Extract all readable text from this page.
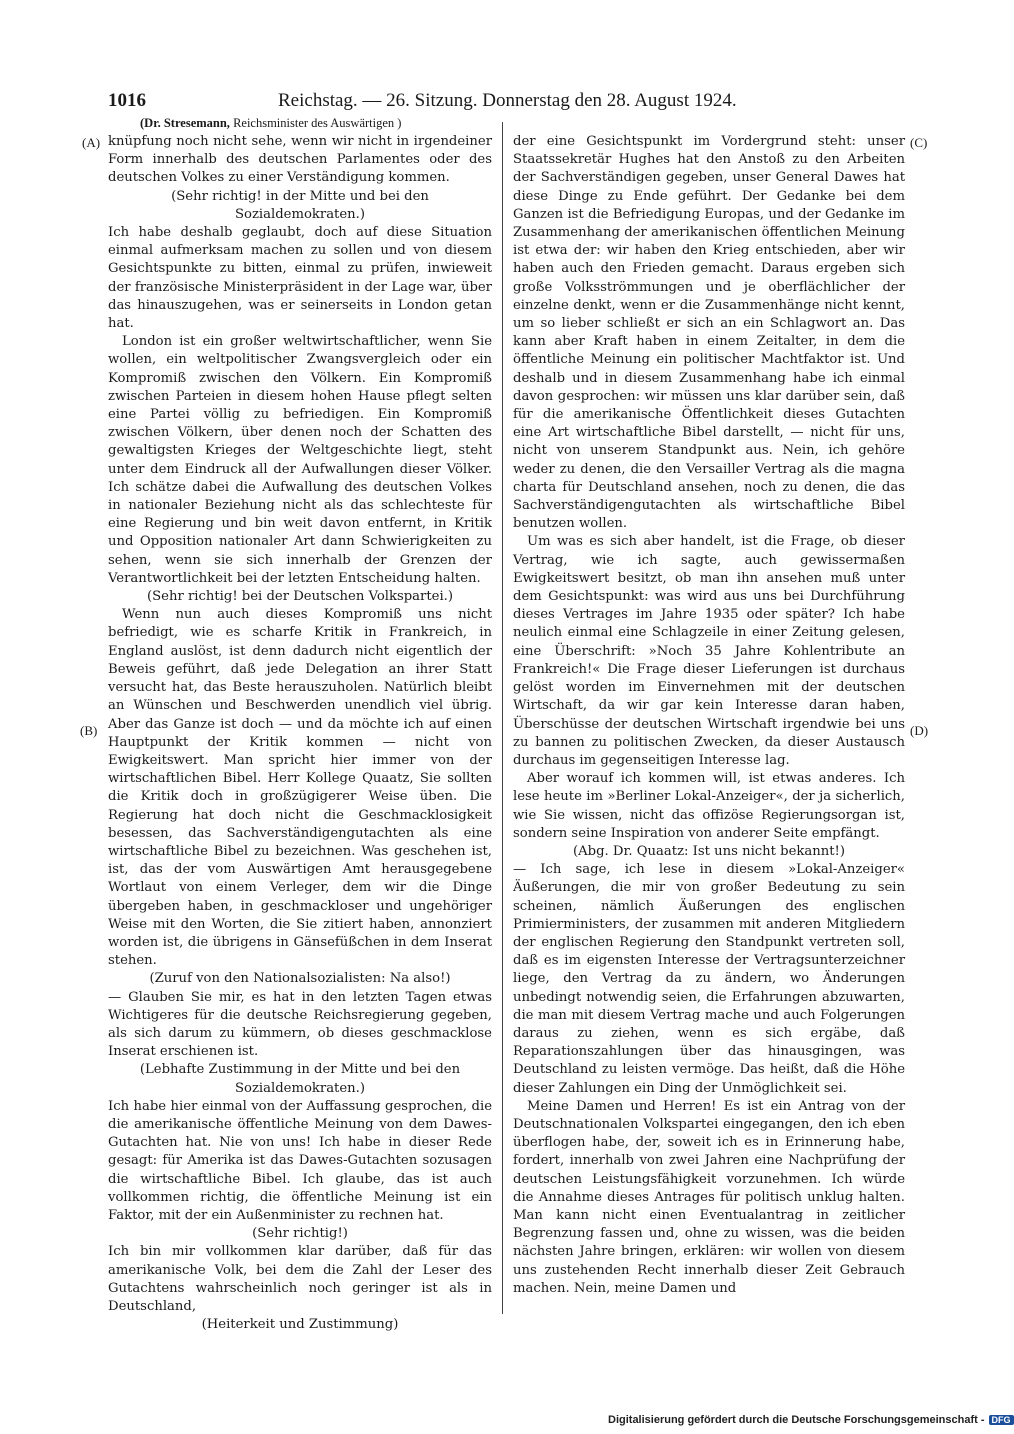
1016	Reichstag. — 26. Sitzung. Donnerstag den 28. August 1924.
(Dr. Stresemann, Reichsminister des Auswärtigen )
(A)
(B)
(C)
(D)

knüpfung noch nicht sehe, wenn wir nicht in irgendeiner Form innerhalb des deutschen Parlamentes oder des deutschen Volkes zu einer Verständigung kommen.

(Sehr richtig! in der Mitte und bei den Sozialdemokraten.)

Ich habe deshalb geglaubt, doch auf diese Situation einmal aufmerksam machen zu sollen und von diesem Gesichtspunkte zu bitten, einmal zu prüfen, inwieweit der französische Ministerpräsident in der Lage war, über das hinauszugehen, was er seinerseits in London getan hat.

London ist ein großer weltwirtschaftlicher, wenn Sie wollen, ein weltpolitischer Zwangsvergleich oder ein Kompromiß zwischen den Völkern. Ein Kompromiß zwischen Parteien in diesem hohen Hause pflegt selten eine Partei völlig zu befriedigen. Ein Kompromiß zwischen Völkern, über denen noch der Schatten des gewaltigsten Krieges der Weltgeschichte liegt, steht unter dem Eindruck all der Aufwallungen dieser Völker. Ich schätze dabei die Aufwallung des deutschen Volkes in nationaler Beziehung nicht als das schlechteste für eine Regierung und bin weit davon entfernt, in Kritik und Opposition nationaler Art dann Schwierigkeiten zu sehen, wenn sie sich innerhalb der Grenzen der Verantwortlichkeit bei der letzten Entscheidung halten.

(Sehr richtig! bei der Deutschen Volkspartei.)

Wenn nun auch dieses Kompromiß uns nicht befriedigt, wie es scharfe Kritik in Frankreich, in England auslöst, ist denn dadurch nicht eigentlich der Beweis geführt, daß jede Delegation an ihrer Statt versucht hat, das Beste herauszuholen. Natürlich bleibt an Wünschen und Beschwerden unendlich viel übrig. Aber das Ganze ist doch — und da möchte ich auf einen Hauptpunkt der Kritik kommen — nicht von Ewigkeitswert. Man spricht hier immer von der wirtschaftlichen Bibel. Herr Kollege Quaatz, Sie sollten die Kritik doch in großzügigerer Weise üben. Die Regierung hat doch nicht die Geschmacklosigkeit besessen, das Sachverständigengutachten als eine wirtschaftliche Bibel zu bezeichnen. Was geschehen ist, ist, das der vom Auswärtigen Amt herausgegebene Wortlaut von einem Verleger, dem wir die Dinge übergeben haben, in geschmackloser und ungehöriger Weise mit den Worten, die Sie zitiert haben, annonziert worden ist, die übrigens in Gänsefüßchen in dem Inserat stehen.

(Zuruf von den Nationalsozialisten: Na also!)

— Glauben Sie mir, es hat in den letzten Tagen etwas Wichtigeres für die deutsche Reichsregierung gegeben, als sich darum zu kümmern, ob dieses geschmacklose Inserat erschienen ist.

(Lebhafte Zustimmung in der Mitte und bei den Sozialdemokraten.)

Ich habe hier einmal von der Auffassung gesprochen, die die amerikanische öffentliche Meinung von dem Dawes-Gutachten hat. Nie von uns! Ich habe in dieser Rede gesagt: für Amerika ist das Dawes-Gutachten sozusagen die wirtschaftliche Bibel. Ich glaube, das ist auch vollkommen richtig, die öffentliche Meinung ist ein Faktor, mit der ein Außenminister zu rechnen hat.

(Sehr richtig!)

Ich bin mir vollkommen klar darüber, daß für das amerikanische Volk, bei dem die Zahl der Leser des Gutachtens wahrscheinlich noch geringer ist als in Deutschland,

(Heiterkeit und Zustimmung)

der eine Gesichtspunkt im Vordergrund steht: unser Staatssekretär Hughes hat den Anstoß zu den Arbeiten der Sachverständigen gegeben, unser General Dawes hat diese Dinge zu Ende geführt. Der Gedanke bei dem Ganzen ist die Befriedigung Europas, und der Gedanke im Zusammenhang der amerikanischen öffentlichen Meinung ist etwa der: wir haben den Krieg entschieden, aber wir haben auch den Frieden gemacht. Daraus ergeben sich große Volksströmmungen und je oberflächlicher der einzelne denkt, wenn er die Zusammenhänge nicht kennt, um so lieber schließt er sich an ein Schlagwort an. Das kann aber Kraft haben in einem Zeitalter, in dem die öffentliche Meinung ein politischer Machtfaktor ist. Und deshalb und in diesem Zusammenhang habe ich einmal davon gesprochen: wir müssen uns klar darüber sein, daß für die amerikanische Öffentlichkeit dieses Gutachten eine Art wirtschaftliche Bibel darstellt, — nicht für uns, nicht von unserem Standpunkt aus. Nein, ich gehöre weder zu denen, die den Versailler Vertrag als die magna charta für Deutschland ansehen, noch zu denen, die das Sachverständigengutachten als wirtschaftliche Bibel benutzen wollen.

Um was es sich aber handelt, ist die Frage, ob dieser Vertrag, wie ich sagte, auch gewissermaßen Ewigkeitswert besitzt, ob man ihn ansehen muß unter dem Gesichtspunkt: was wird aus uns bei Durchführung dieses Vertrages im Jahre 1935 oder später? Ich habe neulich einmal eine Schlagzeile in einer Zeitung gelesen, eine Überschrift: »Noch 35 Jahre Kohlentribute an Frankreich!« Die Frage dieser Lieferungen ist durchaus gelöst worden im Einvernehmen mit der deutschen Wirtschaft, da wir gar kein Interesse daran haben, Überschüsse der deutschen Wirtschaft irgendwie bei uns zu bannen zu politischen Zwecken, da dieser Austausch durchaus im gegenseitigen Interesse lag.

Aber worauf ich kommen will, ist etwas anderes. Ich lese heute im »Berliner Lokal-Anzeiger«, der ja sicherlich, wie Sie wissen, nicht das offizöse Regierungsorgan ist, sondern seine Inspiration von anderer Seite empfängt.

(Abg. Dr. Quaatz: Ist uns nicht bekannt!)

— Ich sage, ich lese in diesem »Lokal-Anzeiger« Äußerungen, die mir von großer Bedeutung zu sein scheinen, nämlich Äußerungen des englischen Primierministers, der zusammen mit anderen Mitgliedern der englischen Regierung den Standpunkt vertreten soll, daß es im eigensten Interesse der Vertragsunterzeichner liege, den Vertrag da zu ändern, wo Änderungen unbedingt notwendig seien, die Erfahrungen abzuwarten, die man mit diesem Vertrag mache und auch Folgerungen daraus zu ziehen, wenn es sich ergäbe, daß Reparationszahlungen über das hinausgingen, was Deutschland zu leisten vermöge. Das heißt, daß die Höhe dieser Zahlungen ein Ding der Unmöglichkeit sei.

Meine Damen und Herren! Es ist ein Antrag von der Deutschnationalen Volkspartei eingegangen, den ich eben überflogen habe, der, soweit ich es in Erinnerung habe, fordert, innerhalb von zwei Jahren eine Nachprüfung der deutschen Leistungsfähigkeit vorzunehmen. Ich würde die Annahme dieses Antrages für politisch unklug halten. Man kann nicht einen Eventualantrag in zeitlicher Begrenzung fassen und, ohne zu wissen, was die beiden nächsten Jahre bringen, erklären: wir wollen von diesem uns zustehenden Recht innerhalb dieser Zeit Gebrauch machen. Nein, meine Damen und

Digitalisierung gefördert durch die Deutsche Forschungsgemeinschaft - DFG
